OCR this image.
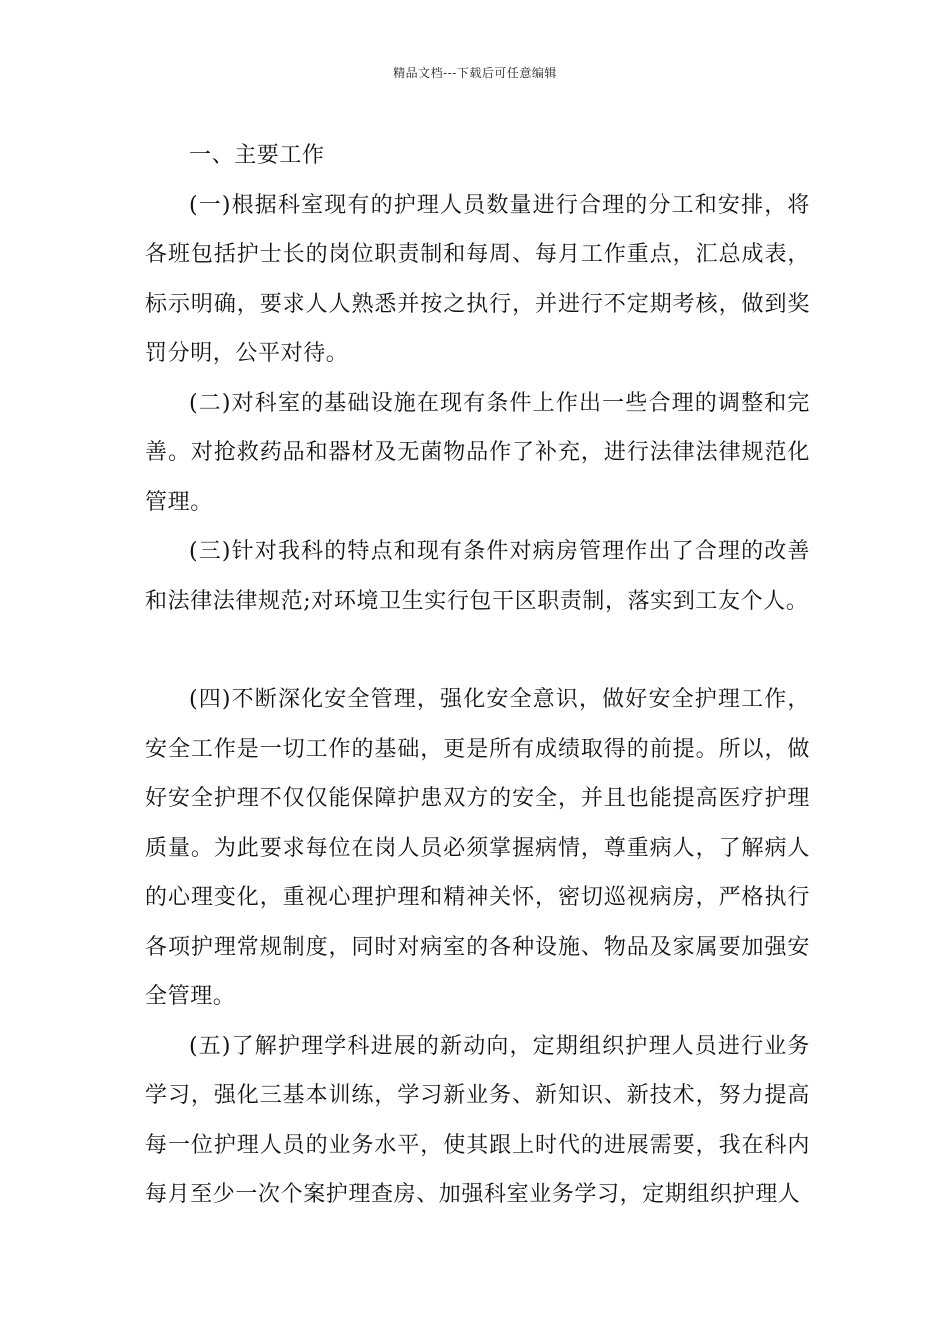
精品文档---下载后可任意编辑

一、主要工作

(一)根据科室现有的护理人员数量进行合理的分工和安排，将各班包括护士长的岗位职责制和每周、每月工作重点，汇总成表，标示明确，要求人人熟悉并按之执行，并进行不定期考核，做到奖罚分明，公平对待。

(二)对科室的基础设施在现有条件上作出一些合理的调整和完善。对抢救药品和器材及无菌物品作了补充，进行法律法律规范化管理。

(三)针对我科的特点和现有条件对病房管理作出了合理的改善和法律法律规范;对环境卫生实行包干区职责制，落实到工友个人。

(四)不断深化安全管理，强化安全意识，做好安全护理工作，安全工作是一切工作的基础，更是所有成绩取得的前提。所以，做好安全护理不仅仅能保障护患双方的安全，并且也能提高医疗护理质量。为此要求每位在岗人员必须掌握病情，尊重病人，了解病人的心理变化，重视心理护理和精神关怀，密切巡视病房，严格执行各项护理常规制度，同时对病室的各种设施、物品及家属要加强安全管理。

(五)了解护理学科进展的新动向，定期组织护理人员进行业务学习，强化三基本训练，学习新业务、新知识、新技术，努力提高每一位护理人员的业务水平，使其跟上时代的进展需要，我在科内每月至少一次个案护理查房、加强科室业务学习，定期组织护理人
